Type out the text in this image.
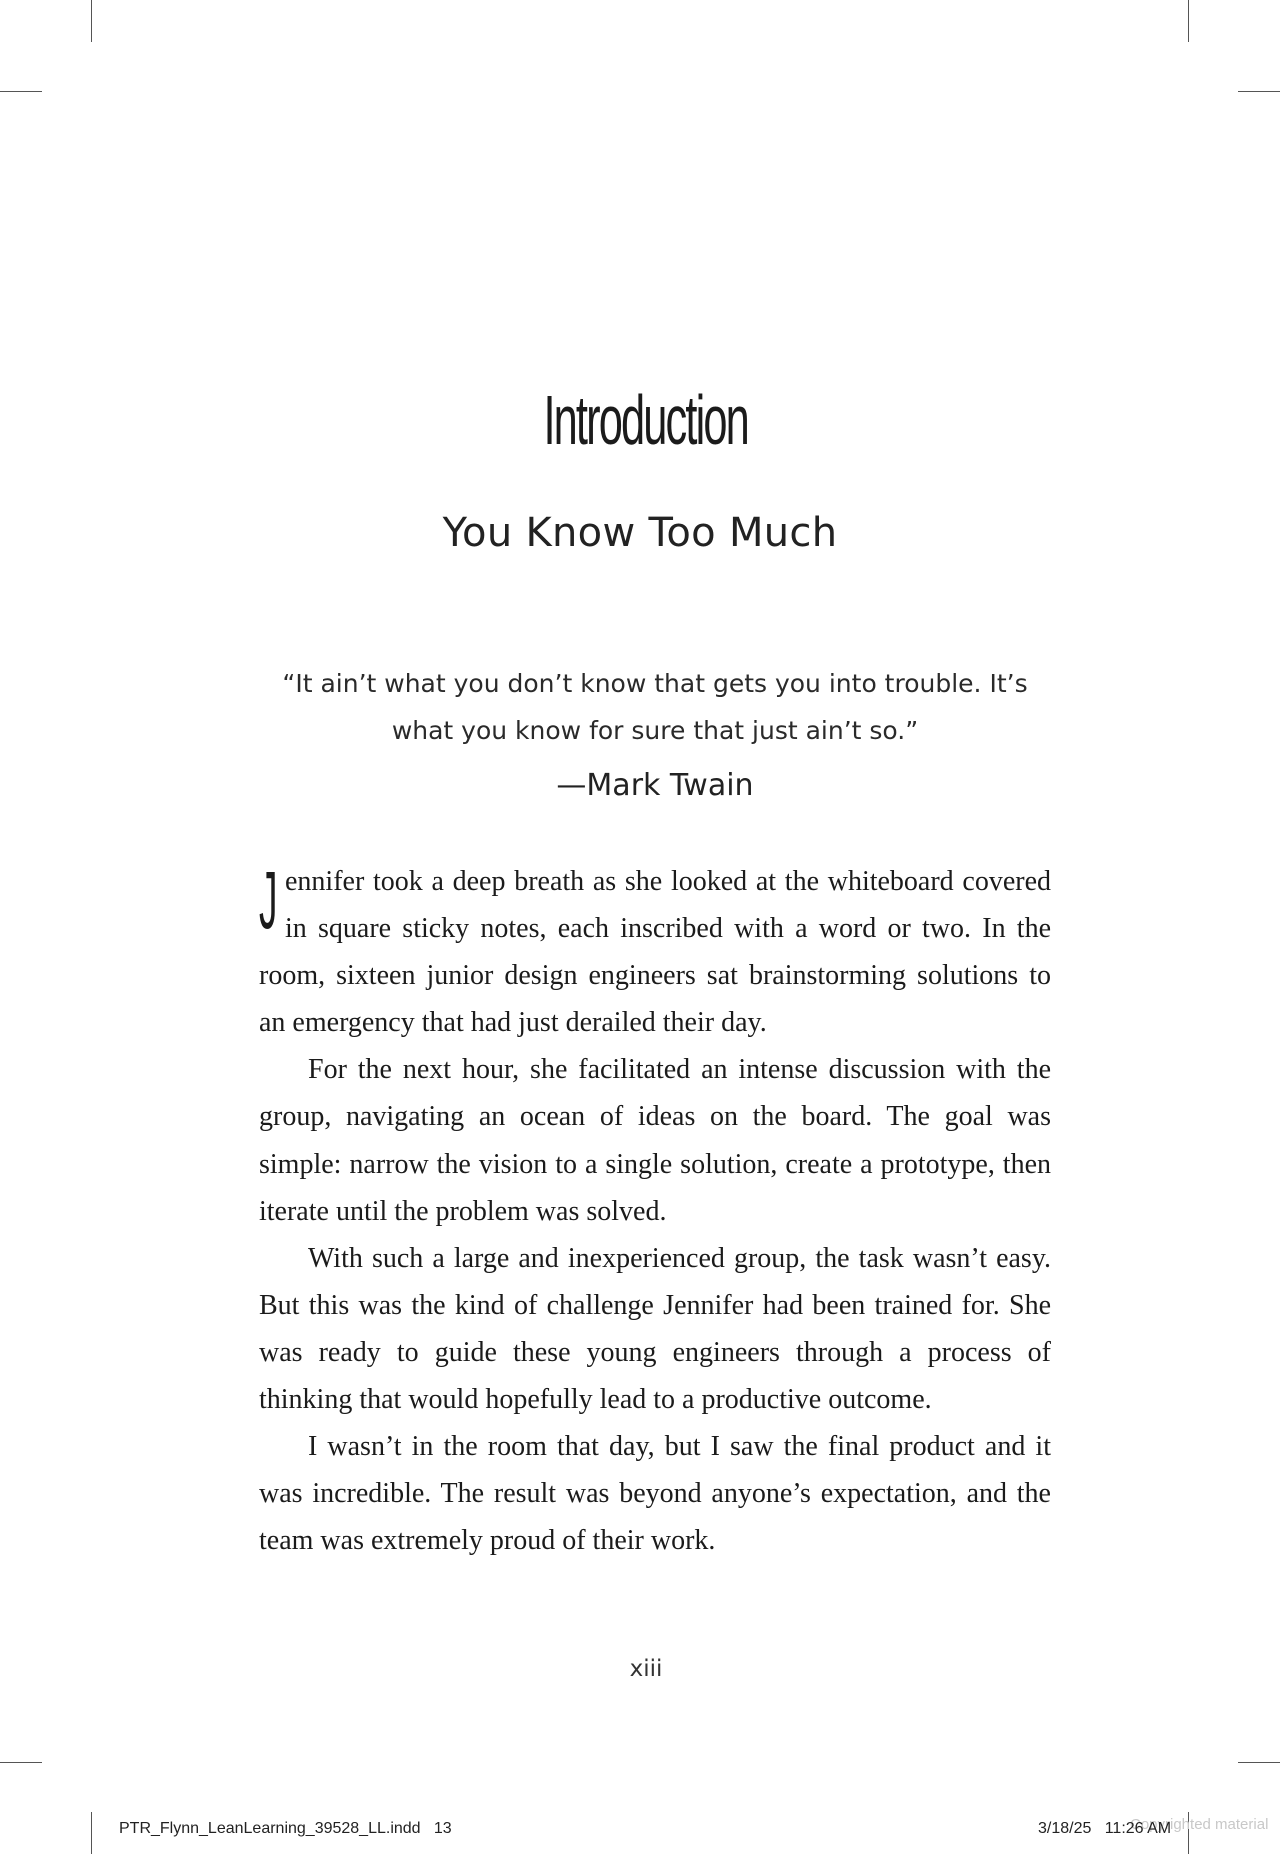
Introduction
You Know Too Much
“It ain’t what you don’t know that gets you into trouble. It’s
what you know for sure that just ain’t so.”
—Mark Twain

Jennifer took a deep breath as she looked at the whiteboard covered in square sticky notes, each inscribed with a word or two. In the room, sixteen junior design engineers sat brainstorming solutions to an emergency that had just derailed their day.

For the next hour, she facilitated an intense discussion with the group, navigating an ocean of ideas on the board. The goal was simple: narrow the vision to a single solution, create a prototype, then iterate until the problem was solved.

With such a large and inexperienced group, the task wasn’t easy. But this was the kind of challenge Jennifer had been trained for. She was ready to guide these young engineers through a process of thinking that would hopefully lead to a productive outcome.

I wasn’t in the room that day, but I saw the final product and it was incredible. The result was beyond anyone’s expectation, and the team was extremely proud of their work.

xiii
PTR_Flynn_LeanLearning_39528_LL.indd   13	Copyrighted material
3/18/25   11:26 AM
